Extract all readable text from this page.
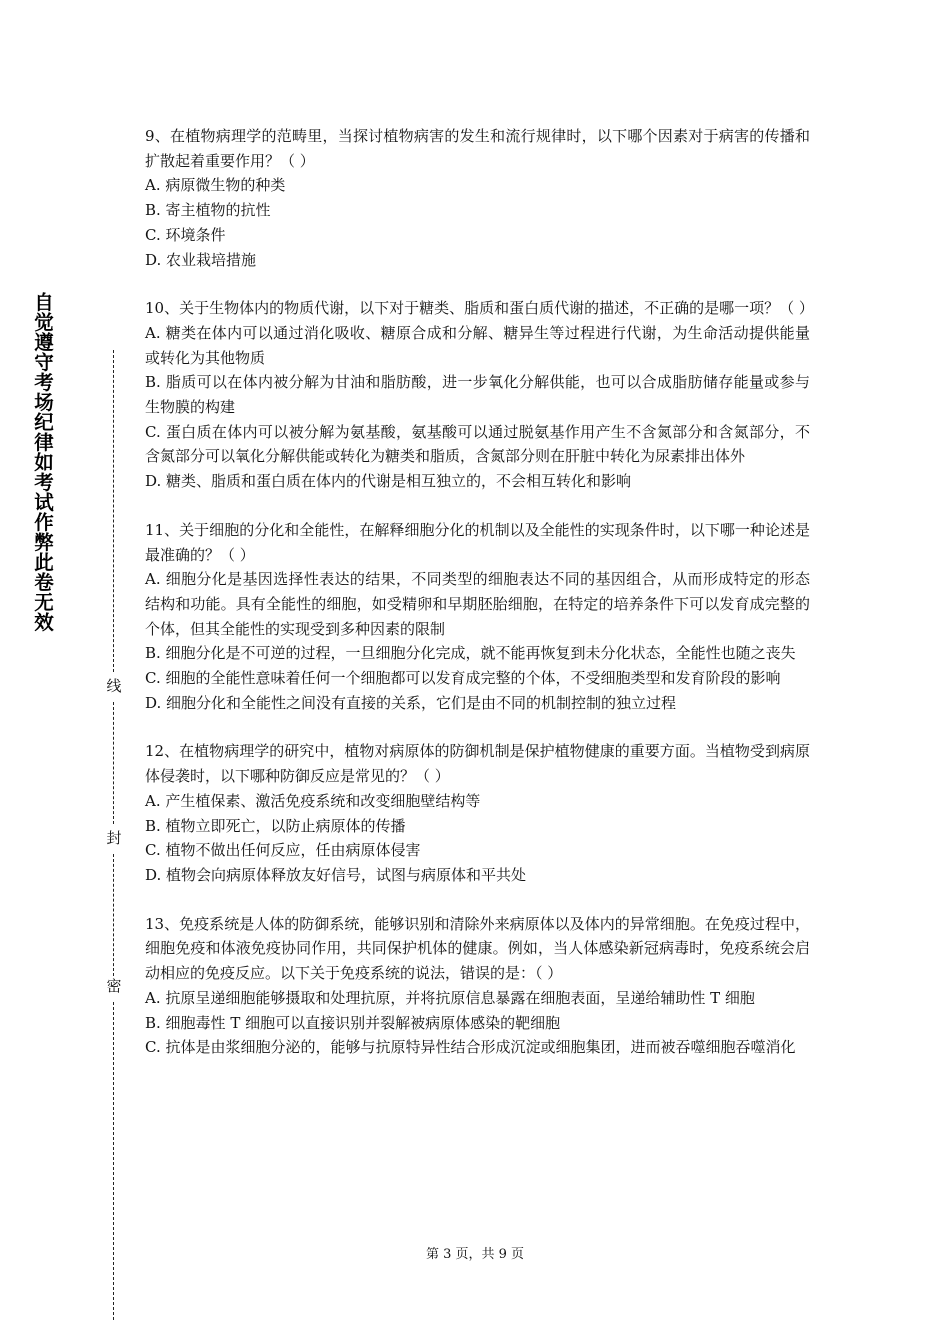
自觉遵守考场纪律如考试作弊此卷无效
线
封
密

9、在植物病理学的范畴里，当探讨植物病害的发生和流行规律时，以下哪个因素对于病害的传播和扩散起着重要作用？（ ）

A. 病原微生物的种类

B. 寄主植物的抗性

C. 环境条件

D. 农业栽培措施

10、关于生物体内的物质代谢，以下对于糖类、脂质和蛋白质代谢的描述，不正确的是哪一项？（ ）

A. 糖类在体内可以通过消化吸收、糖原合成和分解、糖异生等过程进行代谢，为生命活动提供能量或转化为其他物质

B. 脂质可以在体内被分解为甘油和脂肪酸，进一步氧化分解供能，也可以合成脂肪储存能量或参与生物膜的构建

C. 蛋白质在体内可以被分解为氨基酸，氨基酸可以通过脱氨基作用产生不含氮部分和含氮部分，不含氮部分可以氧化分解供能或转化为糖类和脂质，含氮部分则在肝脏中转化为尿素排出体外

D. 糖类、脂质和蛋白质在体内的代谢是相互独立的，不会相互转化和影响

11、关于细胞的分化和全能性，在解释细胞分化的机制以及全能性的实现条件时，以下哪一种论述是最准确的？（ ）

A. 细胞分化是基因选择性表达的结果，不同类型的细胞表达不同的基因组合，从而形成特定的形态结构和功能。具有全能性的细胞，如受精卵和早期胚胎细胞，在特定的培养条件下可以发育成完整的个体，但其全能性的实现受到多种因素的限制

B. 细胞分化是不可逆的过程，一旦细胞分化完成，就不能再恢复到未分化状态，全能性也随之丧失

C. 细胞的全能性意味着任何一个细胞都可以发育成完整的个体，不受细胞类型和发育阶段的影响

D. 细胞分化和全能性之间没有直接的关系，它们是由不同的机制控制的独立过程

12、在植物病理学的研究中，植物对病原体的防御机制是保护植物健康的重要方面。当植物受到病原体侵袭时，以下哪种防御反应是常见的？（ ）

A. 产生植保素、激活免疫系统和改变细胞壁结构等

B. 植物立即死亡，以防止病原体的传播

C. 植物不做出任何反应，任由病原体侵害

D. 植物会向病原体释放友好信号，试图与病原体和平共处

13、免疫系统是人体的防御系统，能够识别和清除外来病原体以及体内的异常细胞。在免疫过程中，细胞免疫和体液免疫协同作用，共同保护机体的健康。例如，当人体感染新冠病毒时，免疫系统会启动相应的免疫反应。以下关于免疫系统的说法，错误的是：（ ）

A. 抗原呈递细胞能够摄取和处理抗原，并将抗原信息暴露在细胞表面，呈递给辅助性 T 细胞

B. 细胞毒性 T 细胞可以直接识别并裂解被病原体感染的靶细胞

C. 抗体是由浆细胞分泌的，能够与抗原特异性结合形成沉淀或细胞集团，进而被吞噬细胞吞噬消化

第 3 页，共 9 页
